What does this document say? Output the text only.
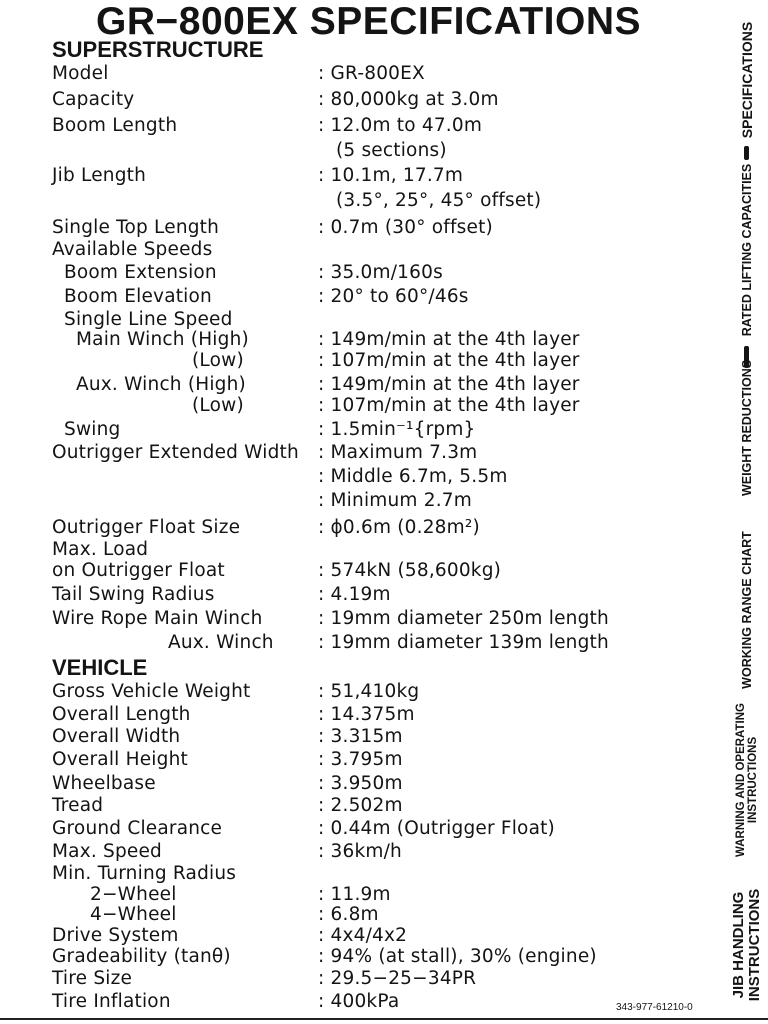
GR−800EX SPECIFICATIONS
SUPERSTRUCTURE
Model	: GR-800EX
Capacity	: 80,000kg at 3.0m
Boom Length	: 12.0m to 47.0m
(5 sections)
Jib Length	: 10.1m, 17.7m
(3.5°, 25°, 45° offset)
Single Top Length	: 0.7m (30° offset)
Available Speeds
Boom Extension	: 35.0m/160s
Boom Elevation	: 20° to 60°/46s
Single Line Speed
Main Winch (High)	: 149m/min at the 4th layer
(Low)	: 107m/min at the 4th layer
Aux. Winch (High)	: 149m/min at the 4th layer
(Low)	: 107m/min at the 4th layer
Swing	: 1.5min⁻¹{rpm}
Outrigger Extended Width	: Maximum 7.3m
: Middle 6.7m, 5.5m
: Minimum 2.7m
Outrigger Float Size	: ϕ0.6m (0.28m²)
Max. Load
on Outrigger Float	: 574kN (58,600kg)
Tail Swing Radius	: 4.19m
Wire Rope Main Winch	: 19mm diameter 250m length
Aux. Winch	: 19mm diameter 139m length
VEHICLE
Gross Vehicle Weight	: 51,410kg
Overall Length	: 14.375m
Overall Width	: 3.315m
Overall Height	: 3.795m
Wheelbase	: 3.950m
Tread	: 2.502m
Ground Clearance	: 0.44m (Outrigger Float)
Max. Speed	: 36km/h
Min. Turning Radius
2−Wheel	: 11.9m
4−Wheel	: 6.8m
Drive System	: 4x4/4x2
Gradeability (tanθ)	: 94% (at stall), 30% (engine)
Tire Size	: 29.5−25−34PR
Tire Inflation	: 400kPa
SPECIFICATIONS
RATED LIFTING CAPACITIES
WEIGHT REDUCTIONS
WORKING RANGE CHART
WARNING AND OPERATING INSTRUCTIONS
JIB HANDLING INSTRUCTIONS
343-977-61210-0
